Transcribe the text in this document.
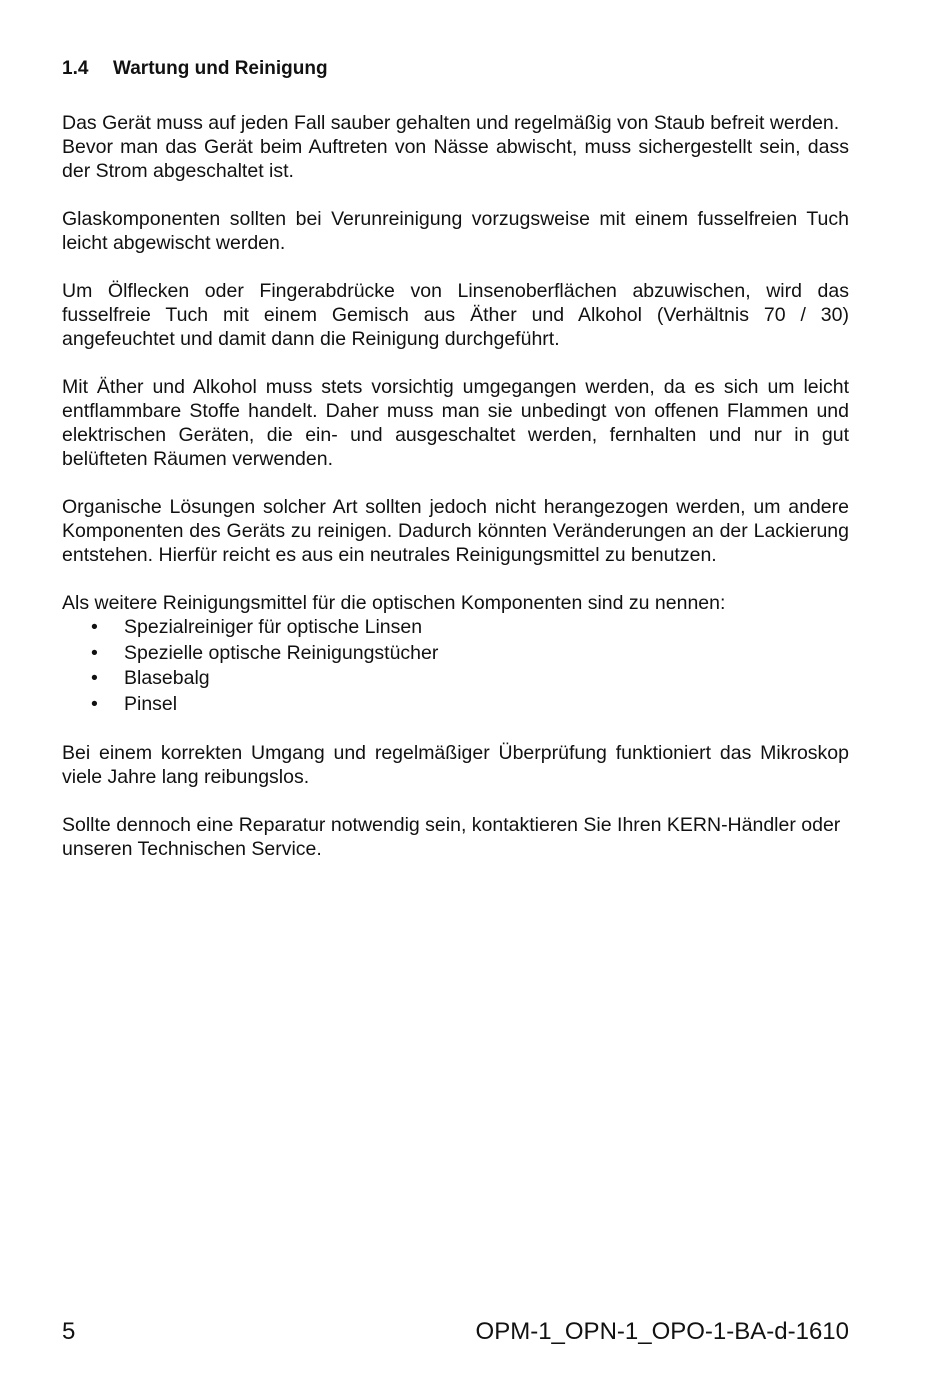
1.4 Wartung und Reinigung

Das Gerät muss auf jeden Fall sauber gehalten und regelmäßig von Staub befreit werden.

Bevor man das Gerät beim Auftreten von Nässe abwischt, muss sichergestellt sein, dass der Strom abgeschaltet ist.

Glaskomponenten sollten bei Verunreinigung vorzugsweise mit einem fusselfreien Tuch leicht abgewischt werden.

Um Ölflecken oder Fingerabdrücke von Linsenoberflächen abzuwischen, wird das fusselfreie Tuch mit einem Gemisch aus Äther und Alkohol (Verhältnis 70 / 30) angefeuchtet und damit dann die Reinigung durchgeführt.

Mit Äther und Alkohol muss stets vorsichtig umgegangen werden, da es sich um leicht entflammbare Stoffe handelt. Daher muss man sie unbedingt von offenen Flammen und elektrischen Geräten, die ein- und ausgeschaltet werden, fernhalten und nur in gut belüfteten Räumen verwenden.

Organische Lösungen solcher Art sollten jedoch nicht herangezogen werden, um andere Komponenten des Geräts zu reinigen. Dadurch könnten Veränderungen an der Lackierung entstehen. Hierfür reicht es aus ein neutrales Reinigungsmittel zu benutzen.

Als weitere Reinigungsmittel für die optischen Komponenten sind zu nennen:

• Spezialreiniger für optische Linsen
• Spezielle optische Reinigungstücher
• Blasebalg
• Pinsel

Bei einem korrekten Umgang und regelmäßiger Überprüfung funktioniert das Mikroskop viele Jahre lang reibungslos.

Sollte dennoch eine Reparatur notwendig sein, kontaktieren Sie Ihren KERN-Händler oder unseren Technischen Service.

5	OPM-1_OPN-1_OPO-1-BA-d-1610
